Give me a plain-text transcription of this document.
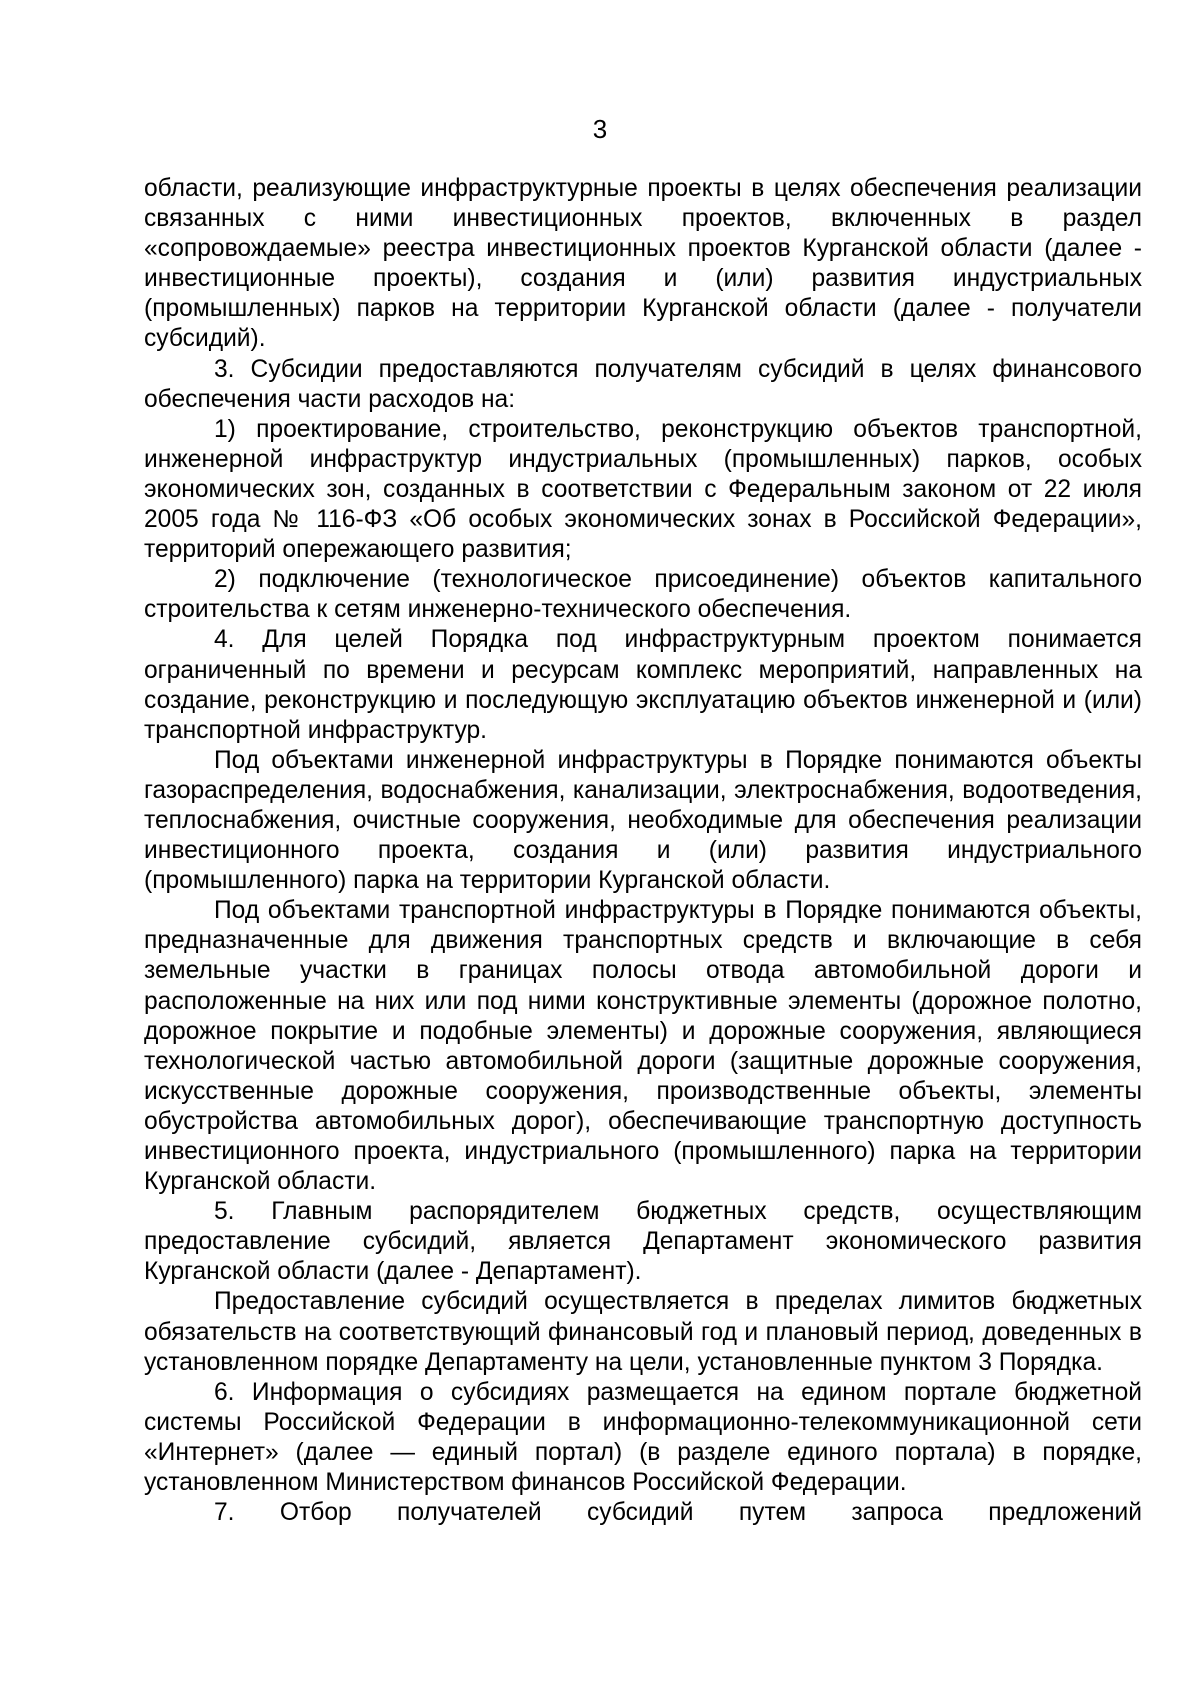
3

области, реализующие инфраструктурные проекты в целях обеспечения реализации связанных с ними инвестиционных проектов, включенных в раздел «сопровождаемые» реестра инвестиционных проектов Курганской области (далее - инвестиционные проекты), создания и (или) развития индустриальных (промышленных) парков на территории Курганской области (далее - получатели субсидий).

3. Субсидии предоставляются получателям субсидий в целях финансового обеспечения части расходов на:

1) проектирование, строительство, реконструкцию объектов транспортной, инженерной инфраструктур индустриальных (промышленных) парков, особых экономических зон, созданных в соответствии с Федеральным законом от 22 июля 2005 года № 116-ФЗ «Об особых экономических зонах в Российской Федерации», территорий опережающего развития;

2) подключение (технологическое присоединение) объектов капитального строительства к сетям инженерно-технического обеспечения.

4. Для целей Порядка под инфраструктурным проектом понимается ограниченный по времени и ресурсам комплекс мероприятий, направленных на создание, реконструкцию и последующую эксплуатацию объектов инженерной и (или) транспортной инфраструктур.

Под объектами инженерной инфраструктуры в Порядке понимаются объекты газораспределения, водоснабжения, канализации, электроснабжения, водоотведения, теплоснабжения, очистные сооружения, необходимые для обеспечения реализации инвестиционного проекта, создания и (или) развития индустриального (промышленного) парка на территории Курганской области.

Под объектами транспортной инфраструктуры в Порядке понимаются объекты, предназначенные для движения транспортных средств и включающие в себя земельные участки в границах полосы отвода автомобильной дороги и расположенные на них или под ними конструктивные элементы (дорожное полотно, дорожное покрытие и подобные элементы) и дорожные сооружения, являющиеся технологической частью автомобильной дороги (защитные дорожные сооружения, искусственные дорожные сооружения, производственные объекты, элементы обустройства автомобильных дорог), обеспечивающие транспортную доступность инвестиционного проекта, индустриального (промышленного) парка на территории Курганской области.

5. Главным распорядителем бюджетных средств, осуществляющим предоставление субсидий, является Департамент экономического развития Курганской области (далее - Департамент).

Предоставление субсидий осуществляется в пределах лимитов бюджетных обязательств на соответствующий финансовый год и плановый период, доведенных в установленном порядке Департаменту на цели, установленные пунктом 3 Порядка.

6. Информация о субсидиях размещается на едином портале бюджетной системы Российской Федерации в информационно-телекоммуникационной сети «Интернет» (далее — единый портал) (в разделе единого портала) в порядке, установленном Министерством финансов Российской Федерации.

7. Отбор получателей субсидий путем запроса предложений
